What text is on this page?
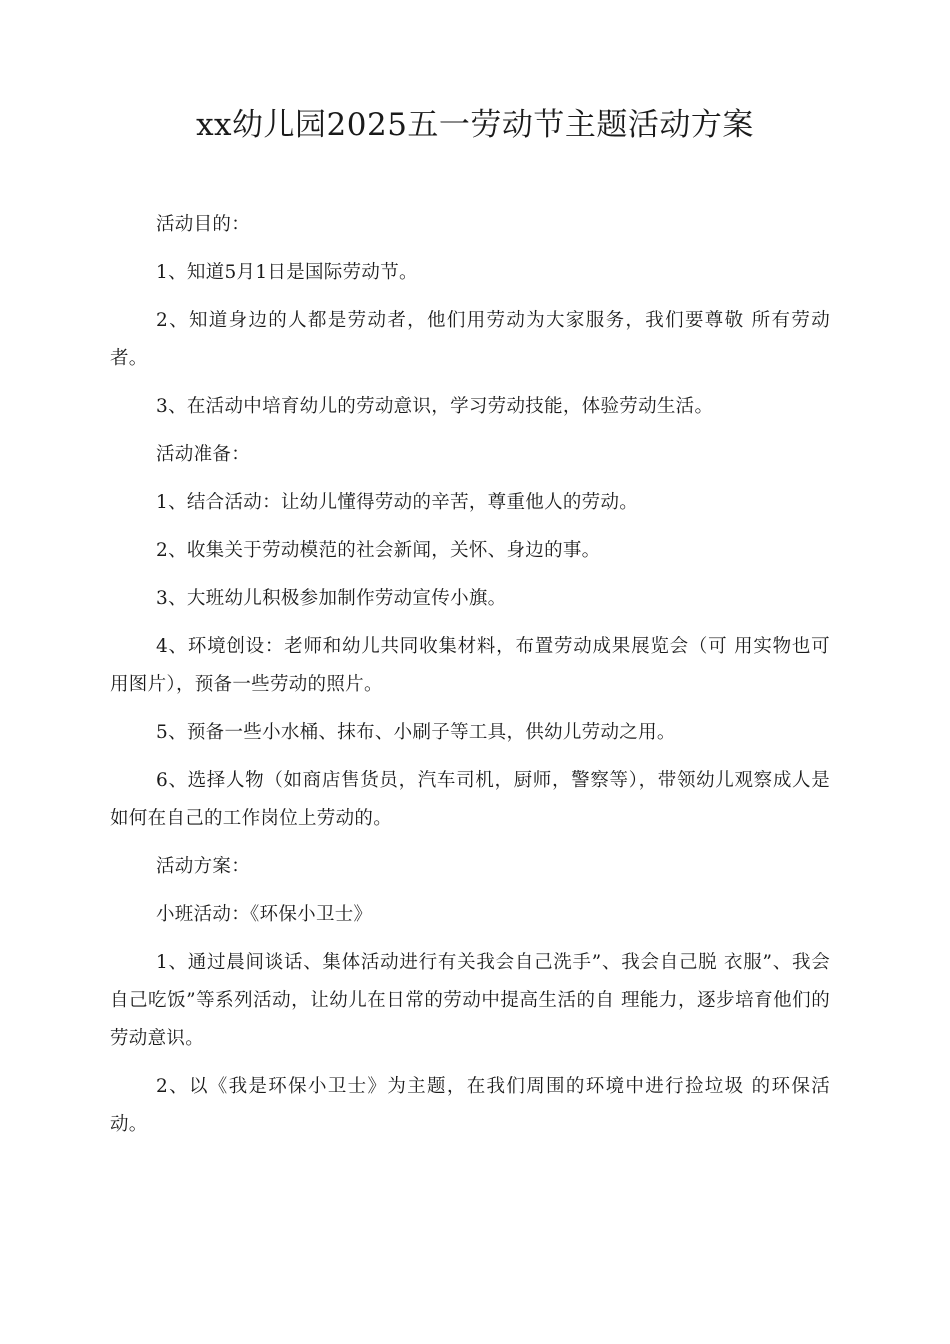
xx幼儿园2025五一劳动节主题活动方案

活动目的：

1、知道5月1日是国际劳动节。

2、知道身边的人都是劳动者，他们用劳动为大家服务，我们要尊敬 所有劳动者。

3、在活动中培育幼儿的劳动意识，学习劳动技能，体验劳动生活。

活动准备：

1、结合活动：让幼儿懂得劳动的辛苦，尊重他人的劳动。

2、收集关于劳动模范的社会新闻，关怀、身边的事。

3、大班幼儿积极参加制作劳动宣传小旗。

4、环境创设：老师和幼儿共同收集材料，布置劳动成果展览会（可 用实物也可用图片），预备一些劳动的照片。

5、预备一些小水桶、抹布、小刷子等工具，供幼儿劳动之用。

6、选择人物（如商店售货员，汽车司机，厨师，警察等），带领幼儿观察成人是如何在自己的工作岗位上劳动的。

活动方案：

小班活动：《环保小卫士》

1、通过晨间谈话、集体活动进行有关我会自己洗手”、我会自己脱 衣服”、我会自己吃饭”等系列活动，让幼儿在日常的劳动中提高生活的自 理能力，逐步培育他们的劳动意识。

2、以《我是环保小卫士》为主题，在我们周围的环境中进行捡垃圾 的环保活动。
